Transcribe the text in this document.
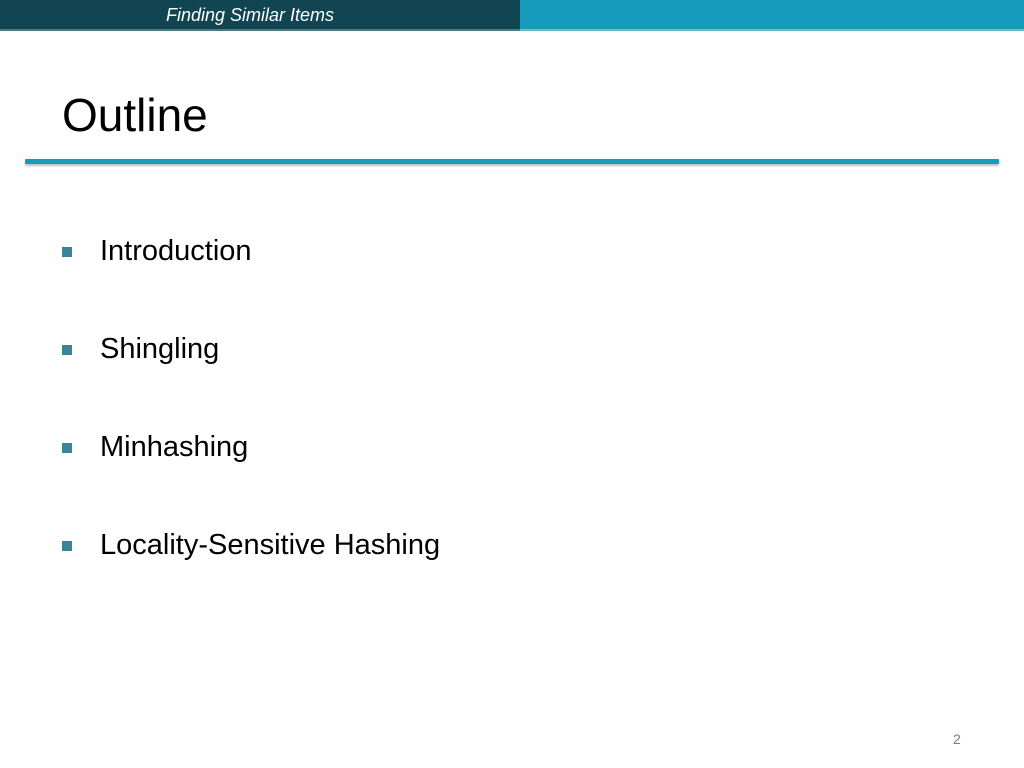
Finding Similar Items
Outline
Introduction
Shingling
Minhashing
Locality-Sensitive Hashing
2
